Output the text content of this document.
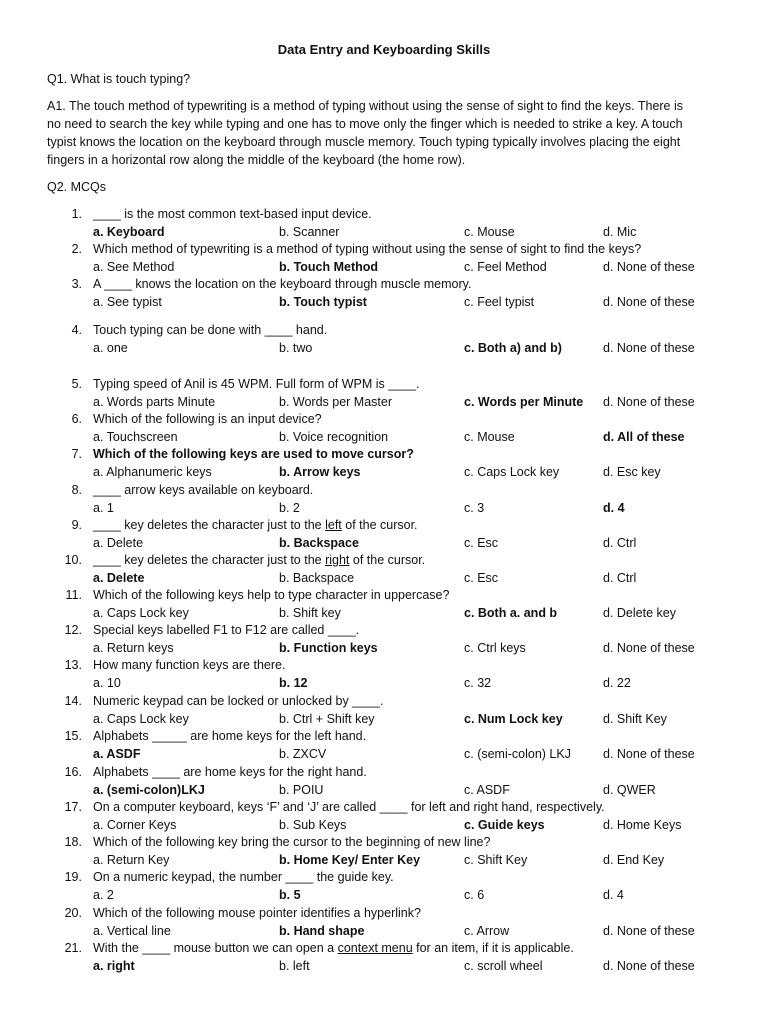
Data Entry and Keyboarding Skills
Q1. What is touch typing?
A1. The touch method of typewriting is a method of typing without using the sense of sight to find the keys. There is
no need to search the key while typing and one has to move only the finger which is needed to strike a key. A touch
typist knows the location on the keyboard through muscle memory. Touch typing typically involves placing the eight
fingers in a horizontal row along the middle of the keyboard (the home row).
Q2. MCQs
1. ____ is the most common text-based input device.
a. Keyboard	b. Scanner	c. Mouse	d. Mic
2. Which method of typewriting is a method of typing without using the sense of sight to find the keys?
a. See Method	b. Touch Method	c. Feel Method	d. None of these
3. A ____ knows the location on the keyboard through muscle memory.
a. See typist	b. Touch typist	c. Feel typist	d. None of these
4. Touch typing can be done with ____ hand.
a. one	b. two	c. Both a) and b)	d. None of these
5. Typing speed of Anil is 45 WPM. Full form of WPM is ____.
a. Words parts Minute	b. Words per Master	c. Words per Minute d. None of these
6. Which of the following is an input device?
a. Touchscreen	b. Voice recognition	c. Mouse	d. All of these
7. Which of the following keys are used to move cursor?
a. Alphanumeric keys	b. Arrow keys	c. Caps Lock key	d. Esc key
8. ____ arrow keys available on keyboard.
a. 1	b. 2	c. 3	d. 4
9. ____ key deletes the character just to the left of the cursor.
a. Delete	b. Backspace	c. Esc	d. Ctrl
10. ____ key deletes the character just to the right of the cursor.
a. Delete	b. Backspace	c. Esc	d. Ctrl
11. Which of the following keys help to type character in uppercase?
a. Caps Lock key	b. Shift key	c. Both a. and b	d. Delete key
12. Special keys labelled F1 to F12 are called ____.
a. Return keys	b. Function keys	c. Ctrl keys	d. None of these
13. How many function keys are there.
a. 10	b. 12	c. 32	d. 22
14. Numeric keypad can be locked or unlocked by ____.
a. Caps Lock key	b. Ctrl + Shift key	c. Num Lock key	d. Shift Key
15. Alphabets _____ are home keys for the left hand.
a. ASDF	b. ZXCV	c. (semi-colon) LKJ	d. None of these
16. Alphabets ____ are home keys for the right hand.
a. (semi-colon)LKJ	b. POIU	c. ASDF	d. QWER
17. On a computer keyboard, keys ‘F’ and ‘J’ are called ____ for left and right hand, respectively.
a. Corner Keys	b. Sub Keys	c. Guide keys	d. Home Keys
18. Which of the following key bring the cursor to the beginning of new line?
a. Return Key	b. Home Key/ Enter Key	c. Shift Key	d. End Key
19. On a numeric keypad, the number ____ the guide key.
a. 2	b. 5	c. 6	d. 4
20. Which of the following mouse pointer identifies a hyperlink?
a. Vertical line	b. Hand shape	c. Arrow	d. None of these
21. With the ____ mouse button we can open a context menu for an item, if it is applicable.
a. right	b. left	c. scroll wheel	d. None of these
